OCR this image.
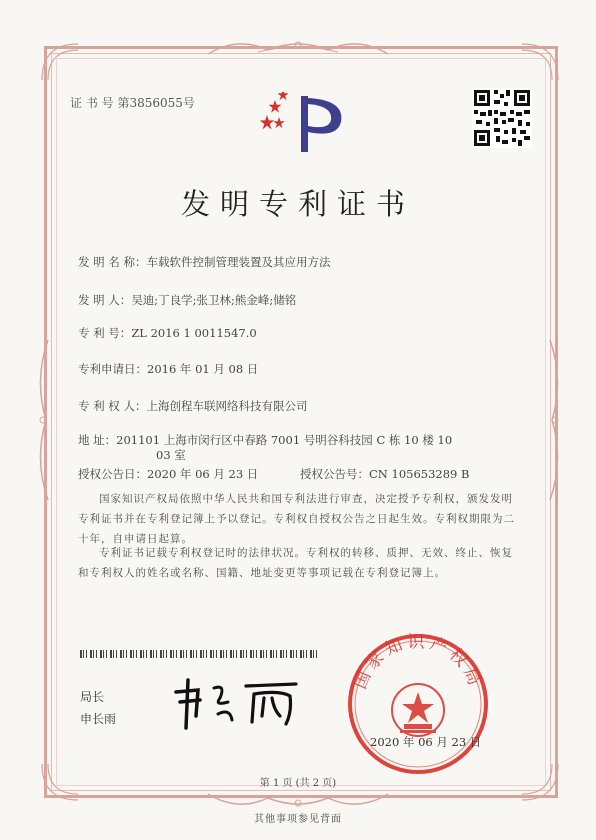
证 书 号 第3856055号
发明专利证书
发 明 名 称：车载软件控制管理装置及其应用方法
发 明 人：吴迪;丁良学;张卫林;熊金峰;储铭
专 利 号：ZL 2016 1 0011547.0
专利申请日：2016 年 01 月 08 日
专 利 权 人：上海创程车联网络科技有限公司
地 址：201101 上海市闵行区中春路 7001 号明谷科技园 C 栋 10 楼 10
03 室
授权公告日：2020 年 06 月 23 日	授权公告号：CN 105653289 B
国家知识产权局依照中华人民共和国专利法进行审查，决定授予专利权，颁发发明专利证书并在专利登记簿上予以登记。专利权自授权公告之日起生效。专利权期限为二十年，自申请日起算。
专利证书记载专利权登记时的法律状况。专利权的转移、质押、无效、终止、恢复和专利权人的姓名或名称、国籍、地址变更等事项记载在专利登记簿上。
局长
申长雨
国家知识产权局
2020 年 06 月 23 日
第 1 页 (共 2 页)
其他事项参见背面
